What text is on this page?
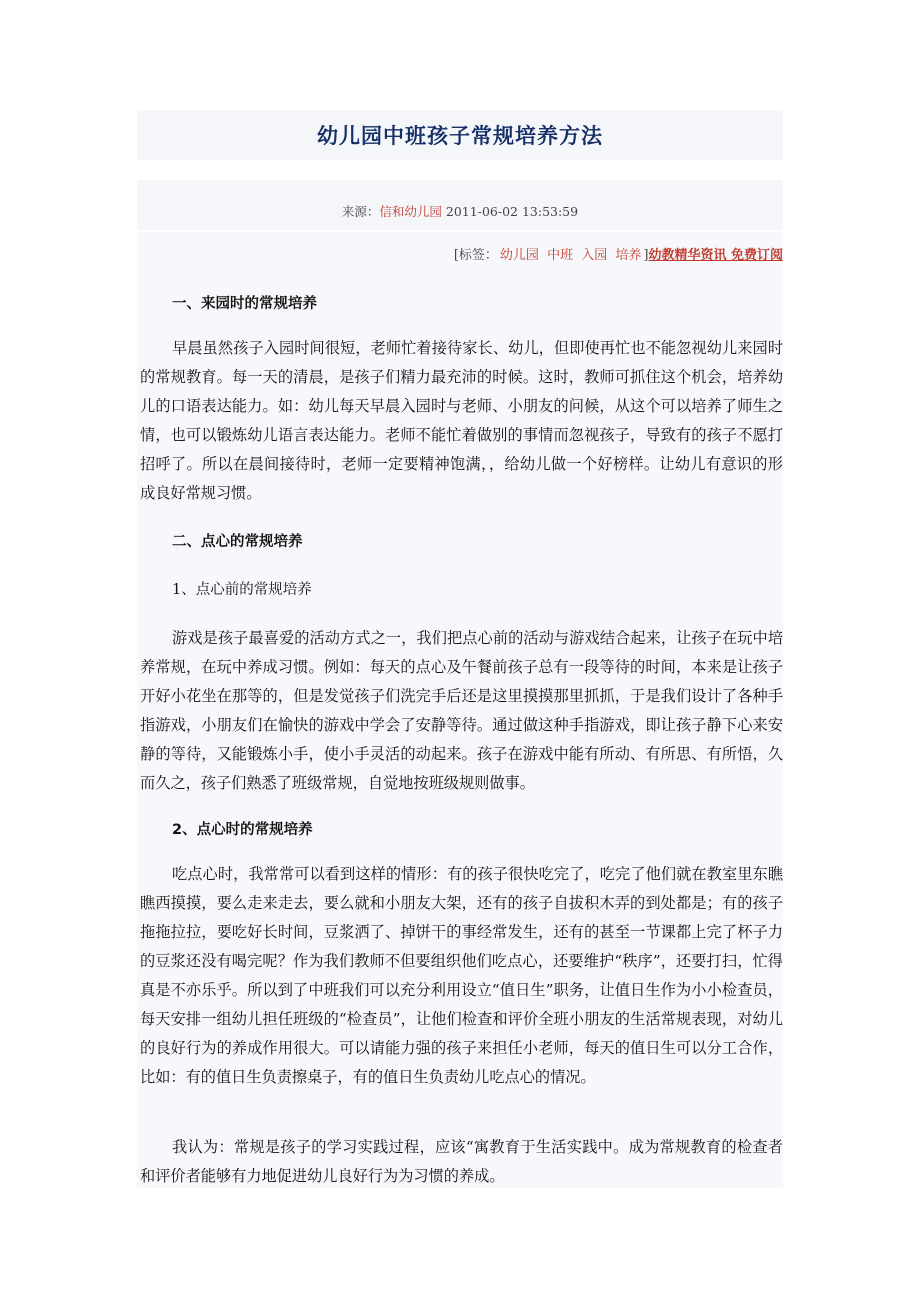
幼儿园中班孩子常规培养方法
来源：信和幼儿园 2011-06-02 13:53:59
[标签： 幼儿园 中班 入园 培养 ]幼教精华资讯 免费订阅
一、来园时的常规培养
早晨虽然孩子入园时间很短，老师忙着接待家长、幼儿，但即使再忙也不能忽视幼儿来园时的常规教育。每一天的清晨，是孩子们精力最充沛的时候。这时，教师可抓住这个机会，培养幼儿的口语表达能力。如：幼儿每天早晨入园时与老师、小朋友的问候，从这个可以培养了师生之情，也可以锻炼幼儿语言表达能力。老师不能忙着做别的事情而忽视孩子，导致有的孩子不愿打招呼了。所以在晨间接待时，老师一定要精神饱满，，给幼儿做一个好榜样。让幼儿有意识的形成良好常规习惯。
二、点心的常规培养
1、点心前的常规培养
游戏是孩子最喜爱的活动方式之一，我们把点心前的活动与游戏结合起来，让孩子在玩中培养常规，在玩中养成习惯。例如：每天的点心及午餐前孩子总有一段等待的时间，本来是让孩子开好小花坐在那等的，但是发觉孩子们洗完手后还是这里摸摸那里抓抓，于是我们设计了各种手指游戏，小朋友们在愉快的游戏中学会了安静等待。通过做这种手指游戏，即让孩子静下心来安静的等待，又能锻炼小手，使小手灵活的动起来。孩子在游戏中能有所动、有所思、有所悟，久而久之，孩子们熟悉了班级常规，自觉地按班级规则做事。
2、点心时的常规培养
吃点心时，我常常可以看到这样的情形：有的孩子很快吃完了，吃完了他们就在教室里东瞧瞧西摸摸，要么走来走去，要么就和小朋友大架，还有的孩子自拔积木弄的到处都是；有的孩子拖拖拉拉，要吃好长时间，豆浆洒了、掉饼干的事经常发生，还有的甚至一节课都上完了杯子力的豆浆还没有喝完呢？作为我们教师不但要组织他们吃点心，还要维护“秩序”，还要打扫，忙得真是不亦乐乎。所以到了中班我们可以充分利用设立“值日生”职务，让值日生作为小小检查员，每天安排一组幼儿担任班级的“检查员”，让他们检查和评价全班小朋友的生活常规表现，对幼儿的良好行为的养成作用很大。可以请能力强的孩子来担任小老师，每天的值日生可以分工合作，比如：有的值日生负责擦桌子，有的值日生负责幼儿吃点心的情况。
我认为：常规是孩子的学习实践过程，应该“寓教育于生活实践中。成为常规教育的检查者和评价者能够有力地促进幼儿良好行为为习惯的养成。
